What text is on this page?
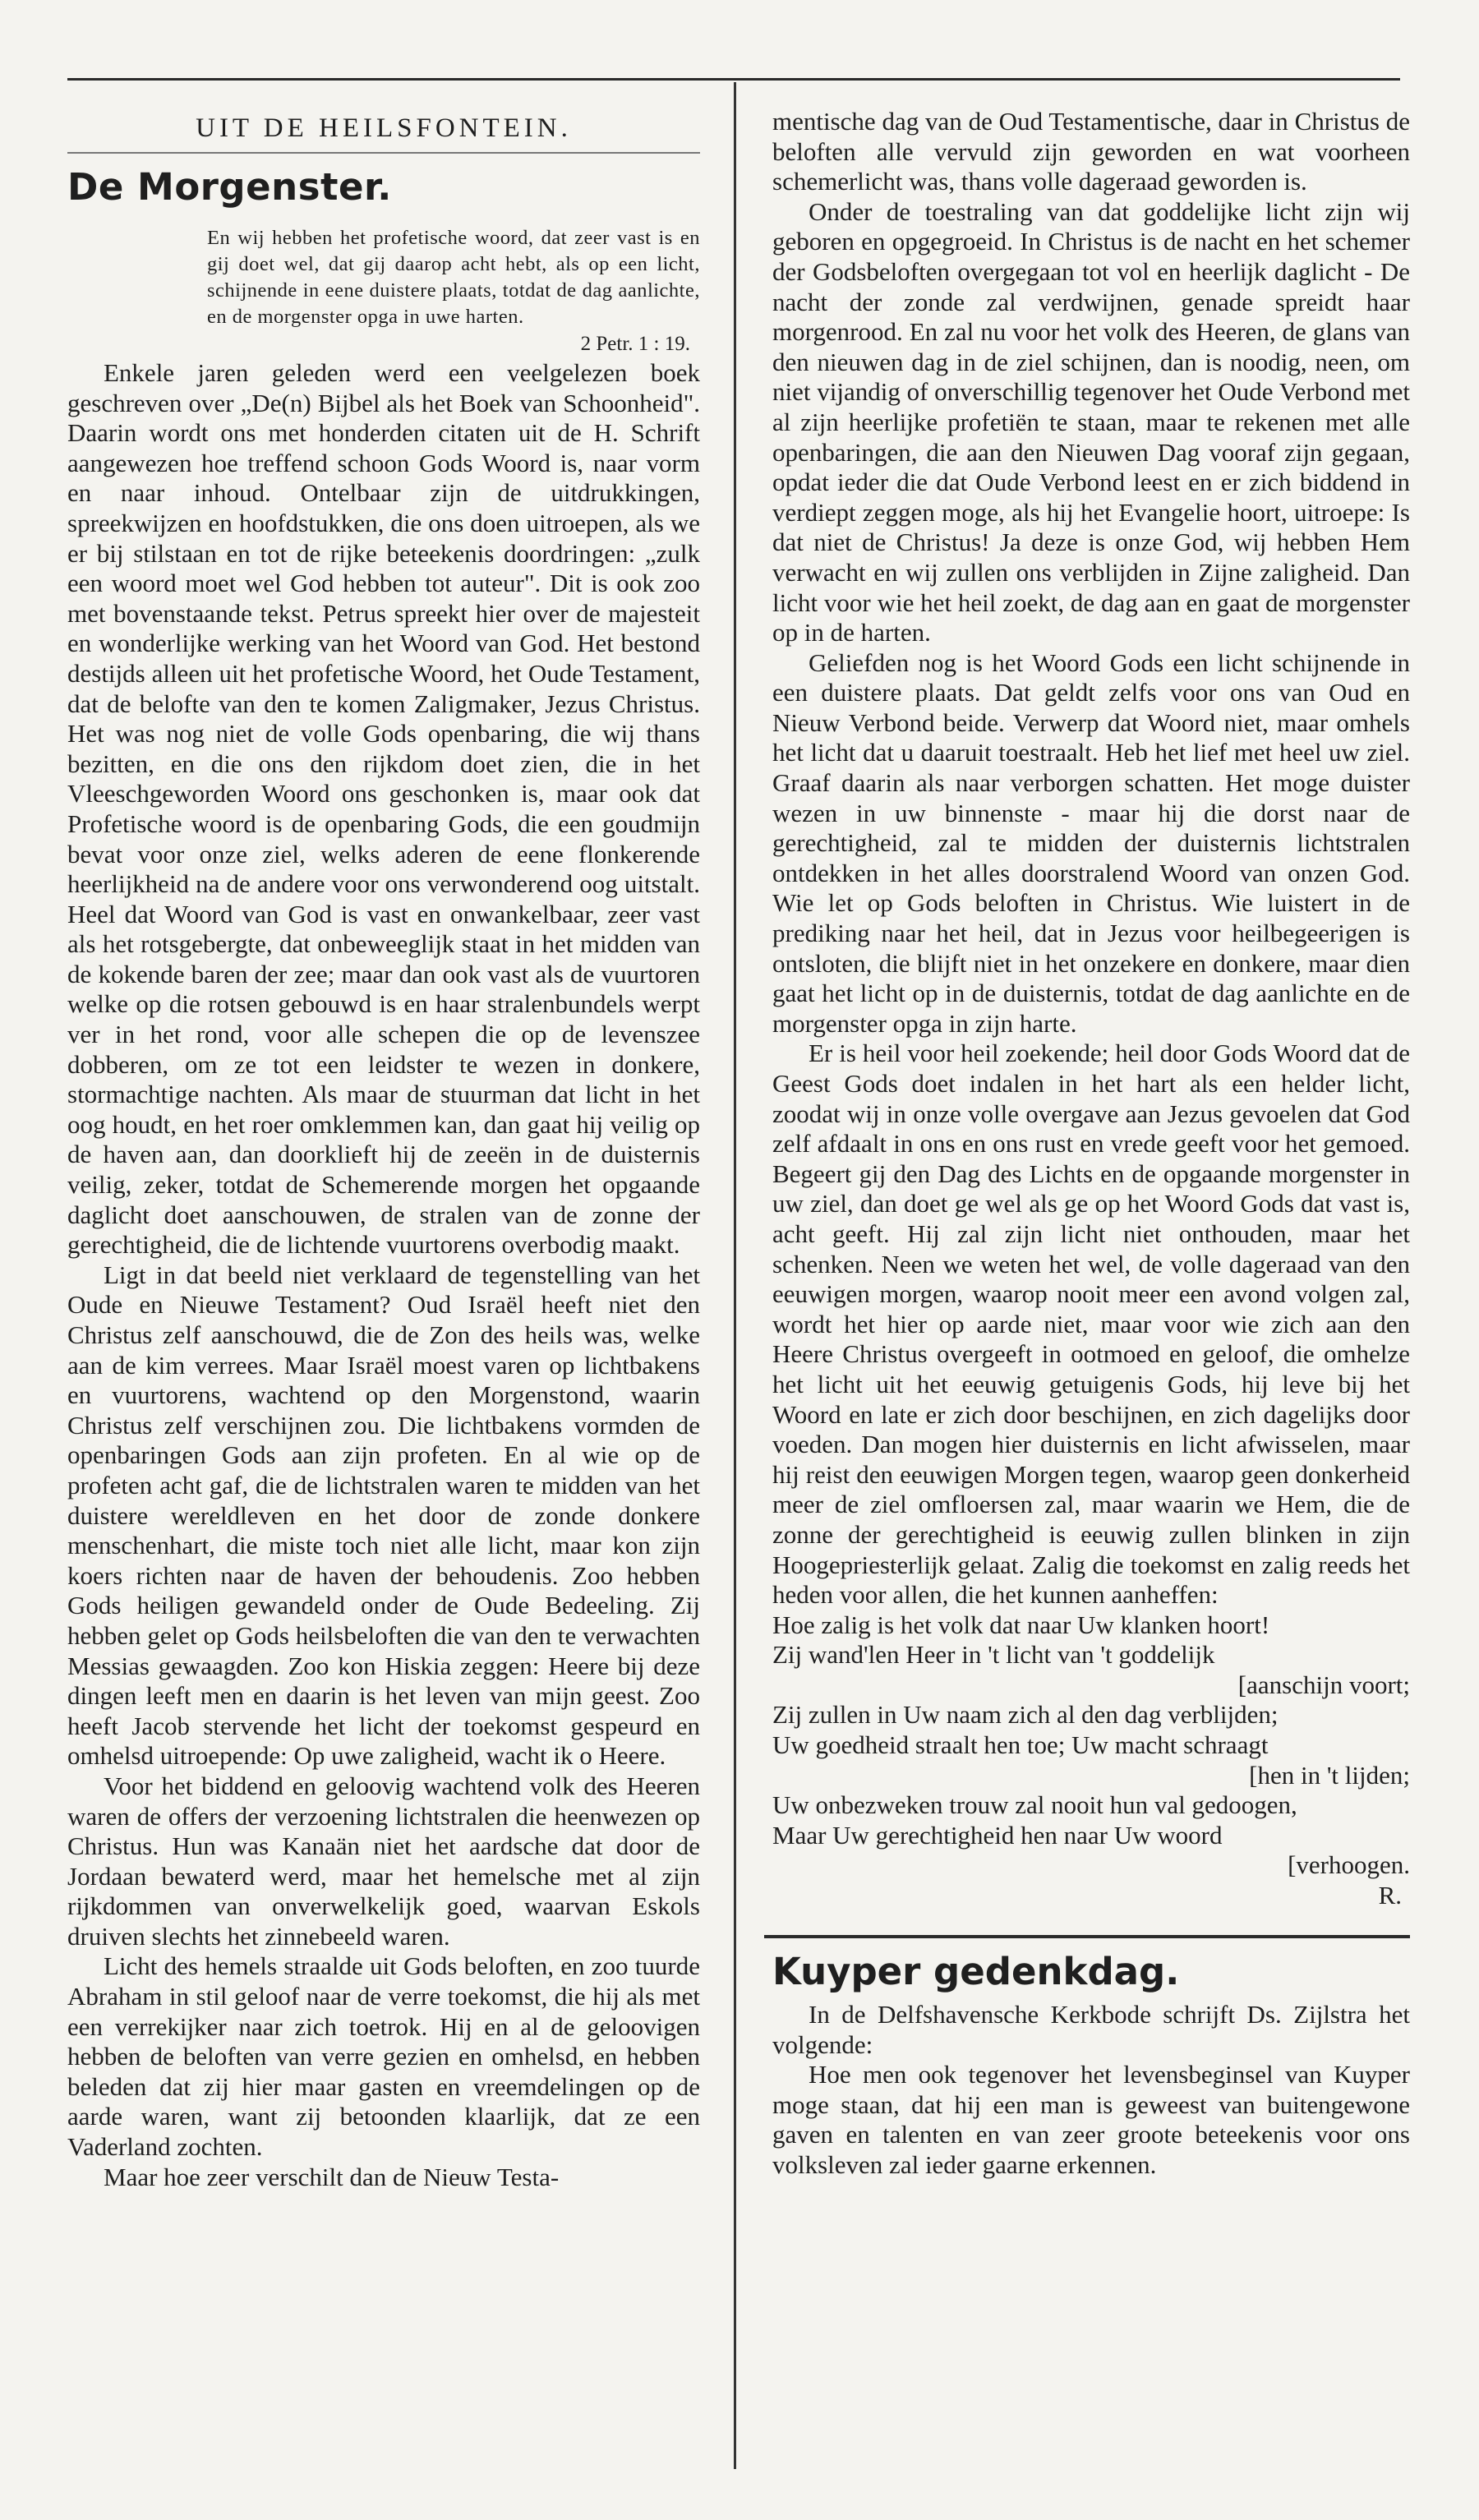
UIT DE HEILSFONTEIN.
De Morgenster.
En wij hebben het profetische woord, dat zeer vast is en gij doet wel, dat gij daarop acht hebt, als op een licht, schijnende in eene duistere plaats, totdat de dag aanlichte, en de morgenster opga in uwe harten.
2 Petr. 1 : 19.

Enkele jaren geleden werd een veelgelezen boek geschreven over „De(n) Bijbel als het Boek van Schoonheid". Daarin wordt ons met honderden citaten uit de H. Schrift aangewezen hoe treffend schoon Gods Woord is, naar vorm en naar inhoud. Ontelbaar zijn de uitdrukkingen, spreekwijzen en hoofdstukken, die ons doen uitroepen, als we er bij stilstaan en tot de rijke beteekenis doordringen: „zulk een woord moet wel God hebben tot auteur". Dit is ook zoo met bovenstaande tekst. Petrus spreekt hier over de majesteit en wonderlijke werking van het Woord van God. Het bestond destijds alleen uit het profetische Woord, het Oude Testament, dat de belofte van den te komen Zaligmaker, Jezus Christus. Het was nog niet de volle Gods openbaring, die wij thans bezitten, en die ons den rijkdom doet zien, die in het Vleeschgeworden Woord ons geschonken is, maar ook dat Profetische woord is de openbaring Gods, die een goudmijn bevat voor onze ziel, welks aderen de eene flonkerende heerlijkheid na de andere voor ons verwonderend oog uitstalt. Heel dat Woord van God is vast en onwankelbaar, zeer vast als het rotsgebergte, dat onbeweeglijk staat in het midden van de kokende baren der zee; maar dan ook vast als de vuurtoren welke op die rotsen gebouwd is en haar stralenbundels werpt ver in het rond, voor alle schepen die op de levenszee dobberen, om ze tot een leidster te wezen in donkere, stormachtige nachten. Als maar de stuurman dat licht in het oog houdt, en het roer omklemmen kan, dan gaat hij veilig op de haven aan, dan doorklieft hij de zeeën in de duisternis veilig, zeker, totdat de Schemerende morgen het opgaande daglicht doet aanschouwen, de stralen van de zonne der gerechtigheid, die de lichtende vuurtorens overbodig maakt.

Ligt in dat beeld niet verklaard de tegenstelling van het Oude en Nieuwe Testament? Oud Israël heeft niet den Christus zelf aanschouwd, die de Zon des heils was, welke aan de kim verrees. Maar Israël moest varen op lichtbakens en vuurtorens, wachtend op den Morgenstond, waarin Christus zelf verschijnen zou. Die lichtbakens vormden de openbaringen Gods aan zijn profeten. En al wie op de profeten acht gaf, die de lichtstralen waren te midden van het duistere wereldleven en het door de zonde donkere menschenhart, die miste toch niet alle licht, maar kon zijn koers richten naar de haven der behoudenis. Zoo hebben Gods heiligen gewandeld onder de Oude Bedeeling. Zij hebben gelet op Gods heilsbeloften die van den te verwachten Messias gewaagden. Zoo kon Hiskia zeggen: Heere bij deze dingen leeft men en daarin is het leven van mijn geest. Zoo heeft Jacob stervende het licht der toekomst gespeurd en omhelsd uitroepende: Op uwe zaligheid, wacht ik o Heere.

Voor het biddend en geloovig wachtend volk des Heeren waren de offers der verzoening lichtstralen die heenwezen op Christus. Hun was Kanaän niet het aardsche dat door de Jordaan bewaterd werd, maar het hemelsche met al zijn rijkdommen van onverwelkelijk goed, waarvan Eskols druiven slechts het zinnebeeld waren.

Licht des hemels straalde uit Gods beloften, en zoo tuurde Abraham in stil geloof naar de verre toekomst, die hij als met een verrekijker naar zich toetrok. Hij en al de geloovigen hebben de beloften van verre gezien en omhelsd, en hebben beleden dat zij hier maar gasten en vreemdelingen op de aarde waren, want zij betoonden klaarlijk, dat ze een Vaderland zochten.

Maar hoe zeer verschilt dan de Nieuw Testa-

mentische dag van de Oud Testamentische, daar in Christus de beloften alle vervuld zijn geworden en wat voorheen schemerlicht was, thans volle dageraad geworden is.

Onder de toestraling van dat goddelijke licht zijn wij geboren en opgegroeid. In Christus is de nacht en het schemer der Godsbeloften overgegaan tot vol en heerlijk daglicht - De nacht der zonde zal verdwijnen, genade spreidt haar morgenrood. En zal nu voor het volk des Heeren, de glans van den nieuwen dag in de ziel schijnen, dan is noodig, neen, om niet vijandig of onverschillig tegenover het Oude Verbond met al zijn heerlijke profetiën te staan, maar te rekenen met alle openbaringen, die aan den Nieuwen Dag vooraf zijn gegaan, opdat ieder die dat Oude Verbond leest en er zich biddend in verdiept zeggen moge, als hij het Evangelie hoort, uitroepe: Is dat niet de Christus! Ja deze is onze God, wij hebben Hem verwacht en wij zullen ons verblijden in Zijne zaligheid. Dan licht voor wie het heil zoekt, de dag aan en gaat de morgenster op in de harten.

Geliefden nog is het Woord Gods een licht schijnende in een duistere plaats. Dat geldt zelfs voor ons van Oud en Nieuw Verbond beide. Verwerp dat Woord niet, maar omhels het licht dat u daaruit toestraalt. Heb het lief met heel uw ziel. Graaf daarin als naar verborgen schatten. Het moge duister wezen in uw binnenste - maar hij die dorst naar de gerechtigheid, zal te midden der duisternis lichtstralen ontdekken in het alles doorstralend Woord van onzen God. Wie let op Gods beloften in Christus. Wie luistert in de prediking naar het heil, dat in Jezus voor heilbegeerigen is ontsloten, die blijft niet in het onzekere en donkere, maar dien gaat het licht op in de duisternis, totdat de dag aanlichte en de morgenster opga in zijn harte.

Er is heil voor heil zoekende; heil door Gods Woord dat de Geest Gods doet indalen in het hart als een helder licht, zoodat wij in onze volle overgave aan Jezus gevoelen dat God zelf afdaalt in ons en ons rust en vrede geeft voor het gemoed. Begeert gij den Dag des Lichts en de opgaande morgenster in uw ziel, dan doet ge wel als ge op het Woord Gods dat vast is, acht geeft. Hij zal zijn licht niet onthouden, maar het schenken. Neen we weten het wel, de volle dageraad van den eeuwigen morgen, waarop nooit meer een avond volgen zal, wordt het hier op aarde niet, maar voor wie zich aan den Heere Christus overgeeft in ootmoed en geloof, die omhelze het licht uit het eeuwig getuigenis Gods, hij leve bij het Woord en late er zich door beschijnen, en zich dagelijks door voeden. Dan mogen hier duisternis en licht afwisselen, maar hij reist den eeuwigen Morgen tegen, waarop geen donkerheid meer de ziel omfloersen zal, maar waarin we Hem, die de zonne der gerechtigheid is eeuwig zullen blinken in zijn Hoogepriesterlijk gelaat. Zalig die toekomst en zalig reeds het heden voor allen, die het kunnen aanheffen:

Hoe zalig is het volk dat naar Uw klanken hoort!
Zij wand'len Heer in 't licht van 't goddelijk
[aanschijn voort;
Zij zullen in Uw naam zich al den dag verblijden;
Uw goedheid straalt hen toe; Uw macht schraagt
[hen in 't lijden;
Uw onbezweken trouw zal nooit hun val gedoogen,
Maar Uw gerechtigheid hen naar Uw woord
[verhoogen.
R.
Kuyper gedenkdag.

In de Delfshavensche Kerkbode schrijft Ds. Zijlstra het volgende:

Hoe men ook tegenover het levensbeginsel van Kuyper moge staan, dat hij een man is geweest van buitengewone gaven en talenten en van zeer groote beteekenis voor ons volksleven zal ieder gaarne erkennen.
